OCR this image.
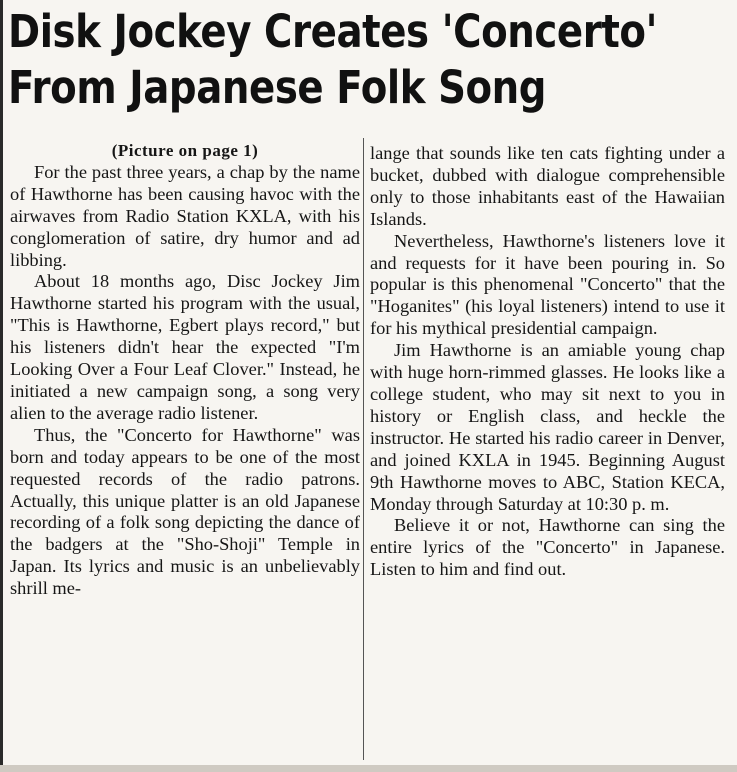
Disk Jockey Creates 'Concerto'
From Japanese Folk Song
(Picture on page 1)

For the past three years, a chap by the name of Hawthorne has been causing havoc with the airwaves from Radio Station KXLA, with his conglomeration of satire, dry humor and ad libbing.

About 18 months ago, Disc Jockey Jim Hawthorne started his program with the usual, "This is Hawthorne, Egbert plays record," but his listeners didn't hear the expected "I'm Looking Over a Four Leaf Clover." Instead, he initiated a new campaign song, a song very alien to the average radio listener.

Thus, the "Concerto for Hawthorne" was born and today appears to be one of the most requested records of the radio patrons. Actually, this unique platter is an old Japanese recording of a folk song depicting the dance of the badgers at the "Sho-Shoji" Temple in Japan. Its lyrics and music is an unbelievably shrill me-

lange that sounds like ten cats fighting under a bucket, dubbed with dialogue comprehensible only to those inhabitants east of the Hawaiian Islands.

Nevertheless, Hawthorne's listeners love it and requests for it have been pouring in. So popular is this phenomenal "Concerto" that the "Hoganites" (his loyal listeners) intend to use it for his mythical presidential campaign.

Jim Hawthorne is an amiable young chap with huge horn-rimmed glasses. He looks like a college student, who may sit next to you in history or English class, and heckle the instructor. He started his radio career in Denver, and joined KXLA in 1945. Beginning August 9th Hawthorne moves to ABC, Station KECA, Monday through Saturday at 10:30 p. m.

Believe it or not, Hawthorne can sing the entire lyrics of the "Concerto" in Japanese. Listen to him and find out.
